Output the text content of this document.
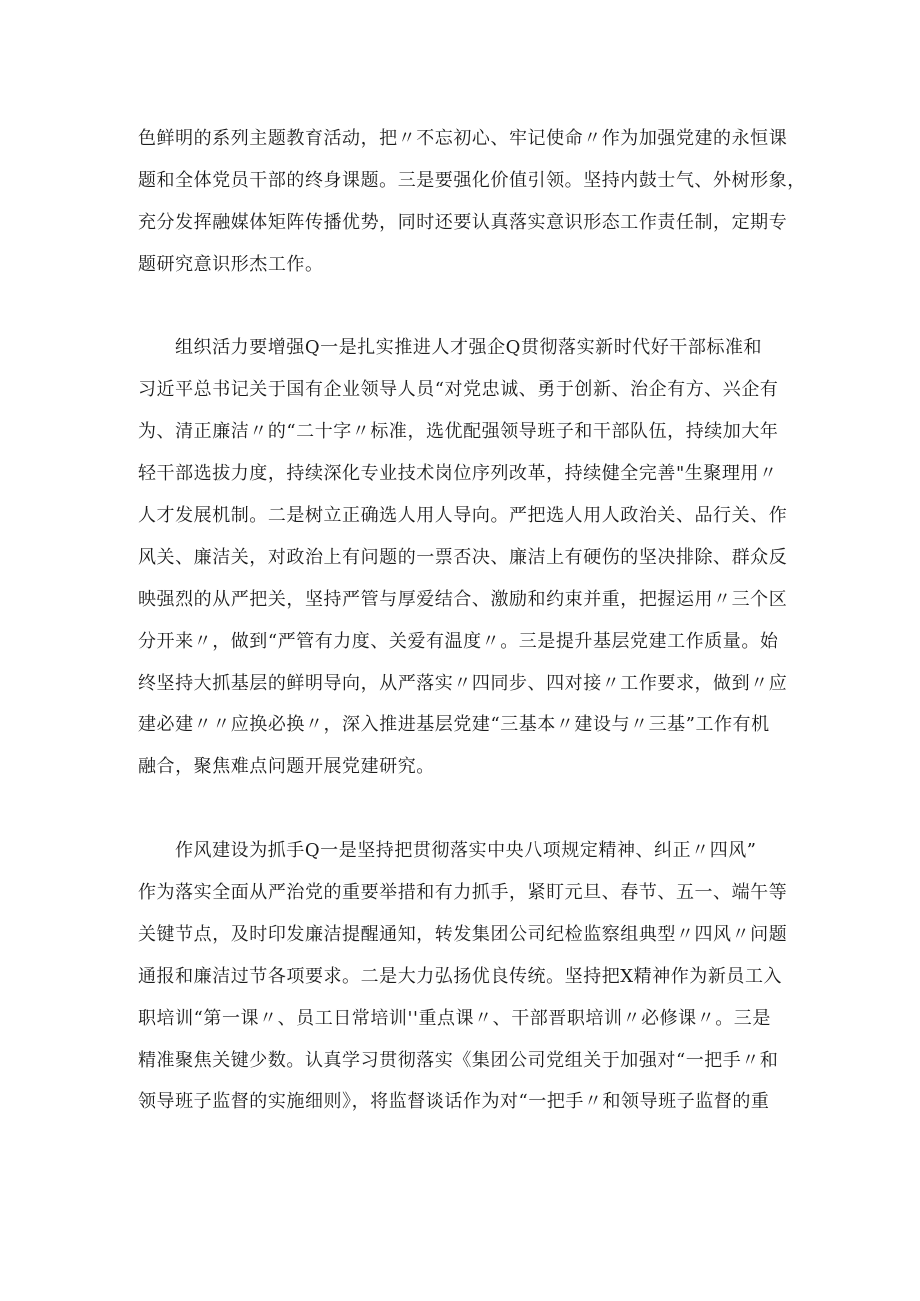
色鲜明的系列主题教育活动，把〃不忘初心、牢记使命〃作为加强党建的永恒课
题和全体党员干部的终身课题。三是要强化价值引领。坚持内鼓士气、外树形象，
充分发挥融媒体矩阵传播优势，同时还要认真落实意识形态工作责任制，定期专
题研究意识形杰工作。
组织活力要增强Q一是扎实推进人才强企Q贯彻落实新时代好干部标准和
习近平总书记关于国有企业领导人员“对党忠诚、勇于创新、治企有方、兴企有
为、清正廉洁〃的“二十字〃标准，选优配强领导班子和干部队伍，持续加大年
轻干部选拔力度，持续深化专业技术岗位序列改革，持续健全完善"生聚理用〃
人才发展机制。二是树立正确选人用人导向。严把选人用人政治关、品行关、作
风关、廉洁关，对政治上有问题的一票否决、廉洁上有硬伤的坚决排除、群众反
映强烈的从严把关，坚持严管与厚爱结合、激励和约束并重，把握运用〃三个区
分开来〃，做到“严管有力度、关爱有温度〃。三是提升基层党建工作质量。始
终坚持大抓基层的鲜明导向，从严落实〃四同步、四对接〃工作要求，做到〃应
建必建〃〃应换必换〃，深入推进基层党建“三基本〃建设与〃三基”工作有机
融合，聚焦难点问题开展党建研究。
作风建设为抓手Q一是坚持把贯彻落实中央八项规定精神、纠正〃四风”
作为落实全面从严治党的重要举措和有力抓手，紧盯元旦、春节、五一、端午等
关键节点，及时印发廉洁提醒通知，转发集团公司纪检监察组典型〃四风〃问题
通报和廉洁过节各项要求。二是大力弘扬优良传统。坚持把X精神作为新员工入
职培训“第一课〃、员工日常培训''重点课〃、干部晋职培训〃必修课〃。三是
精准聚焦关键少数。认真学习贯彻落实《集团公司党组关于加强对“一把手〃和
领导班子监督的实施细则》，将监督谈话作为对“一把手〃和领导班子监督的重
